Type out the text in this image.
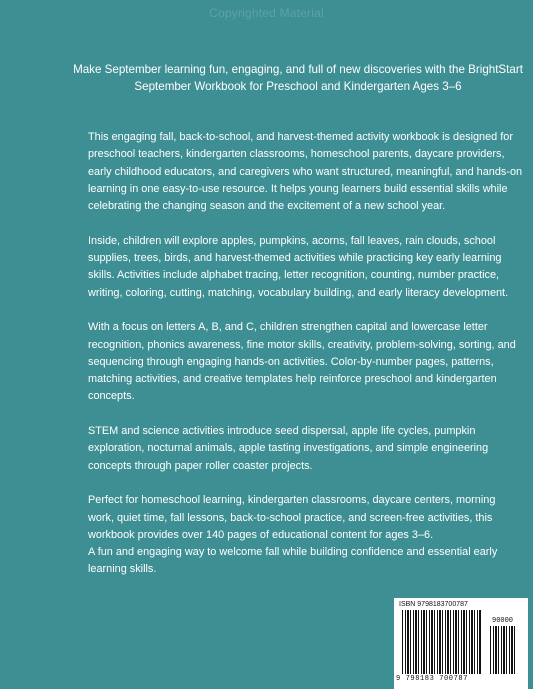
Copyrighted Material
Make September learning fun, engaging, and full of new discoveries with the BrightStart September Workbook for Preschool and Kindergarten Ages 3–6

This engaging fall, back-to-school, and harvest-themed activity workbook is designed for preschool teachers, kindergarten classrooms, homeschool parents, daycare providers, early childhood educators, and caregivers who want structured, meaningful, and hands-on learning in one easy-to-use resource. It helps young learners build essential skills while celebrating the changing season and the excitement of a new school year.

Inside, children will explore apples, pumpkins, acorns, fall leaves, rain clouds, school supplies, trees, birds, and harvest-themed activities while practicing key early learning skills. Activities include alphabet tracing, letter recognition, counting, number practice, writing, coloring, cutting, matching, vocabulary building, and early literacy development.

With a focus on letters A, B, and C, children strengthen capital and lowercase letter recognition, phonics awareness, fine motor skills, creativity, problem-solving, sorting, and sequencing through engaging hands-on activities. Color-by-number pages, patterns, matching activities, and creative templates help reinforce preschool and kindergarten concepts.

STEM and science activities introduce seed dispersal, apple life cycles, pumpkin exploration, nocturnal animals, apple tasting investigations, and simple engineering concepts through paper roller coaster projects.

Perfect for homeschool learning, kindergarten classrooms, daycare centers, morning work, quiet time, fall lessons, back-to-school practice, and screen-free activities, this workbook provides over 140 pages of educational content for ages 3–6.

A fun and engaging way to welcome fall while building confidence and essential early learning skills.

ISBN 9798183700787
90000
9 798183 700787
